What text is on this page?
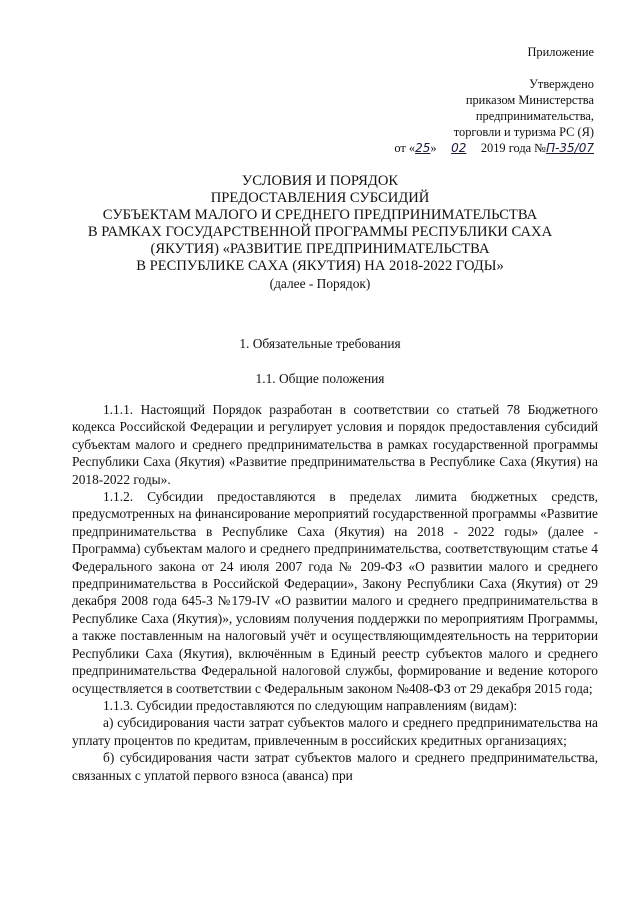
Приложение
Утверждено
приказом Министерства
предпринимательства,
торговли и туризма РС (Я)
от «25» 02 2019 года №П-35/07
УСЛОВИЯ И ПОРЯДОК
ПРЕДОСТАВЛЕНИЯ СУБСИДИЙ
СУБЪЕКТАМ МАЛОГО И СРЕДНЕГО ПРЕДПРИНИМАТЕЛЬСТВА
В РАМКАХ ГОСУДАРСТВЕННОЙ ПРОГРАММЫ РЕСПУБЛИКИ САХА
(ЯКУТИЯ) «РАЗВИТИЕ ПРЕДПРИНИМАТЕЛЬСТВА
В РЕСПУБЛИКЕ САХА (ЯКУТИЯ) НА 2018-2022 ГОДЫ»
(далее - Порядок)
1. Обязательные требования
1.1. Общие положения

1.1.1. Настоящий Порядок разработан в соответствии со статьей 78 Бюджетного кодекса Российской Федерации и регулирует условия и порядок предоставления субсидий субъектам малого и среднего предпринимательства в рамках государственной программы Республики Саха (Якутия) «Развитие предпринимательства в Республике Саха (Якутия) на 2018-2022 годы».

1.1.2. Субсидии предоставляются в пределах лимита бюджетных средств, предусмотренных на финансирование мероприятий государственной программы «Развитие предпринимательства в Республике Саха (Якутия) на 2018 - 2022 годы» (далее - Программа) субъектам малого и среднего предпринимательства, соответствующим статье 4 Федерального закона от 24 июля 2007 года № 209-ФЗ «О развитии малого и среднего предпринимательства в Российской Федерации», Закону Республики Саха (Якутия) от 29 декабря 2008 года 645-З №179-IV «О развитии малого и среднего предпринимательства в Республике Саха (Якутия)», условиям получения поддержки по мероприятиям Программы, а также поставленным на налоговый учёт и осуществляющимдеятельность на территории Республики Саха (Якутия), включённым в Единый реестр субъектов малого и среднего предпринимательства Федеральной налоговой службы, формирование и ведение которого осуществляется в соответствии с Федеральным законом №408-ФЗ от 29 декабря 2015 года;

1.1.3. Субсидии предоставляются по следующим направлениям (видам):

а) субсидирования части затрат субъектов малого и среднего предпринимательства на уплату процентов по кредитам, привлеченным в российских кредитных организациях;

б) субсидирования части затрат субъектов малого и среднего предпринимательства, связанных с уплатой первого взноса (аванса) при
